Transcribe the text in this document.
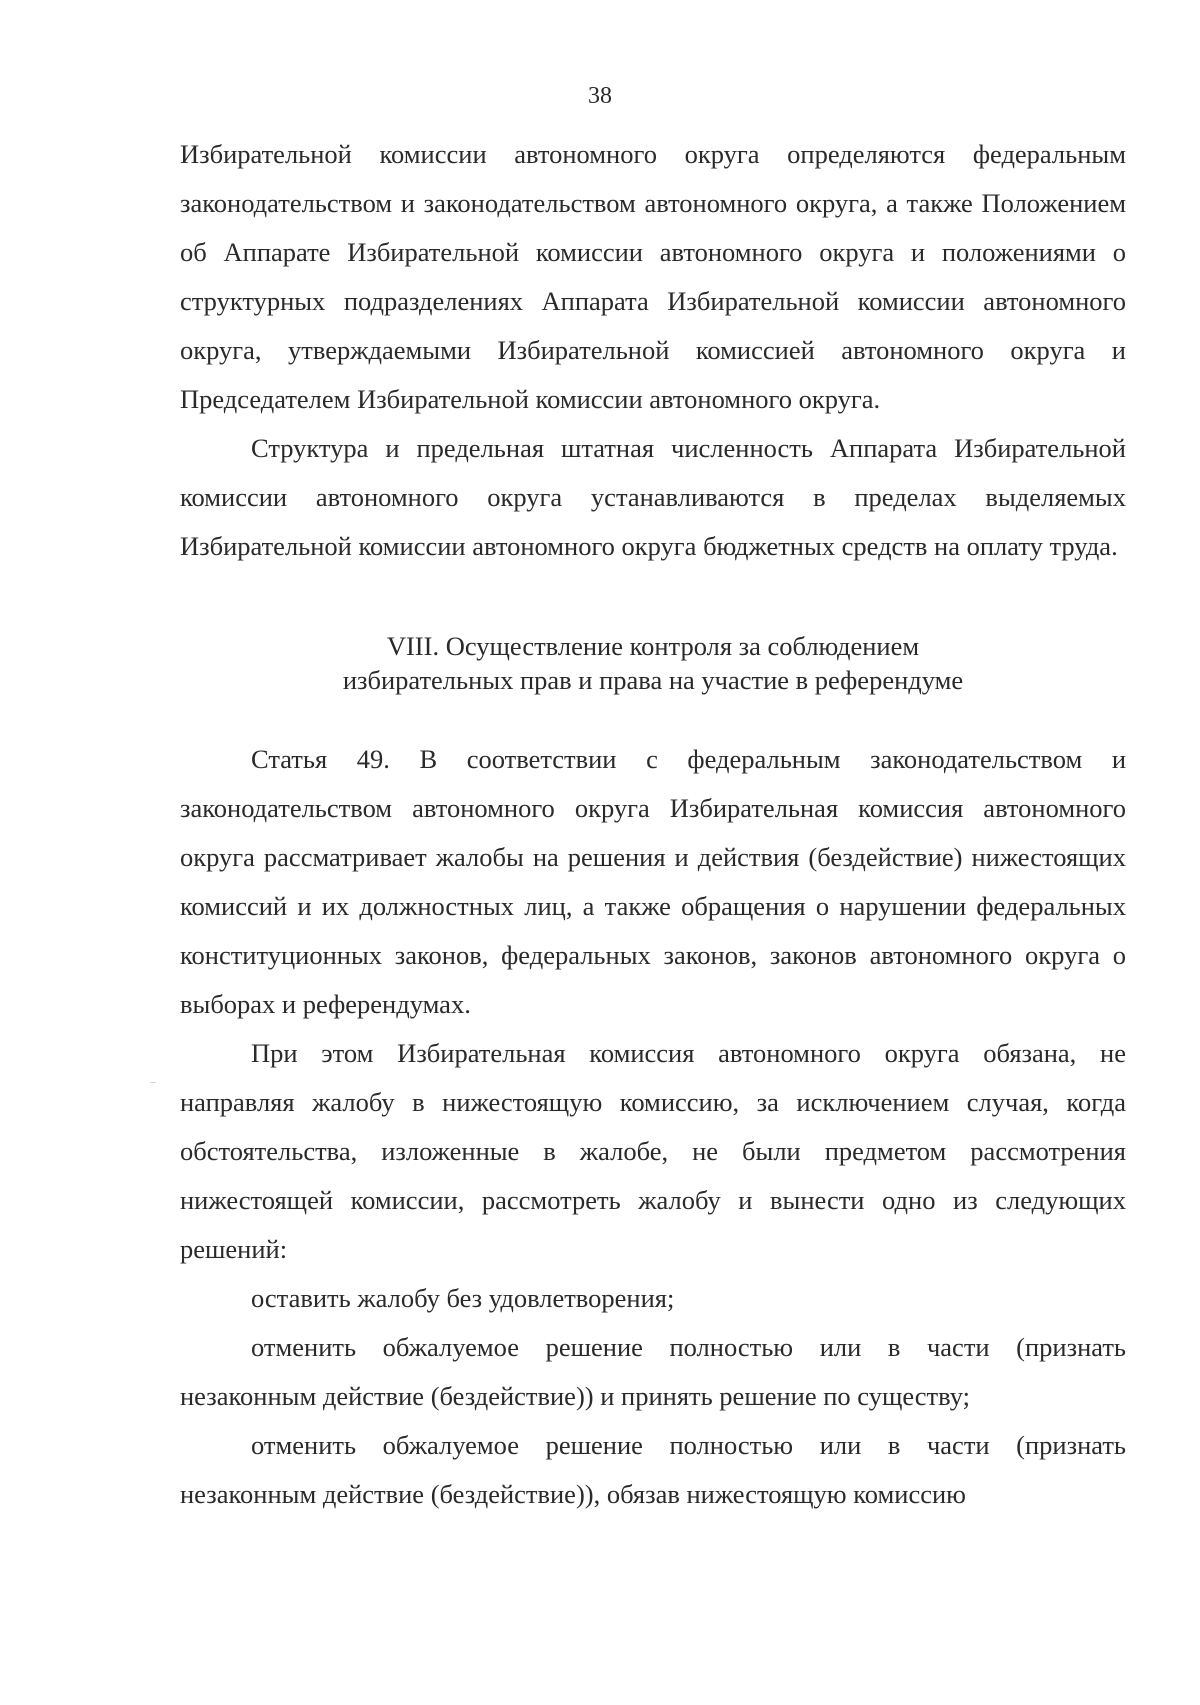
38

Избирательной комиссии автономного округа определяются федеральным законодательством и законодательством автономного округа, а также Положением об Аппарате Избирательной комиссии автономного округа и положениями о структурных подразделениях Аппарата Избирательной комиссии автономного округа, утверждаемыми Избирательной комиссией автономного округа и Председателем Избирательной комиссии автономного округа.

Структура и предельная штатная численность Аппарата Избирательной комиссии автономного округа устанавливаются в пределах выделяемых Избирательной комиссии автономного округа бюджетных средств на оплату труда.

VIII. Осуществление контроля за соблюдением
избирательных прав и права на участие в референдуме

Статья 49. В соответствии с федеральным законодательством и законодательством автономного округа Избирательная комиссия автономного округа рассматривает жалобы на решения и действия (бездействие) нижестоящих комиссий и их должностных лиц, а также обращения о нарушении федеральных конституционных законов, федеральных законов, законов автономного округа о выборах и референдумах.

При этом Избирательная комиссия автономного округа обязана, не направляя жалобу в нижестоящую комиссию, за исключением случая, когда обстоятельства, изложенные в жалобе, не были предметом рассмотрения нижестоящей комиссии, рассмотреть жалобу и вынести одно из следующих решений:

оставить жалобу без удовлетворения;

отменить обжалуемое решение полностью или в части (признать незаконным действие (бездействие)) и принять решение по существу;

отменить обжалуемое решение полностью или в части (признать незаконным действие (бездействие)), обязав нижестоящую комиссию
